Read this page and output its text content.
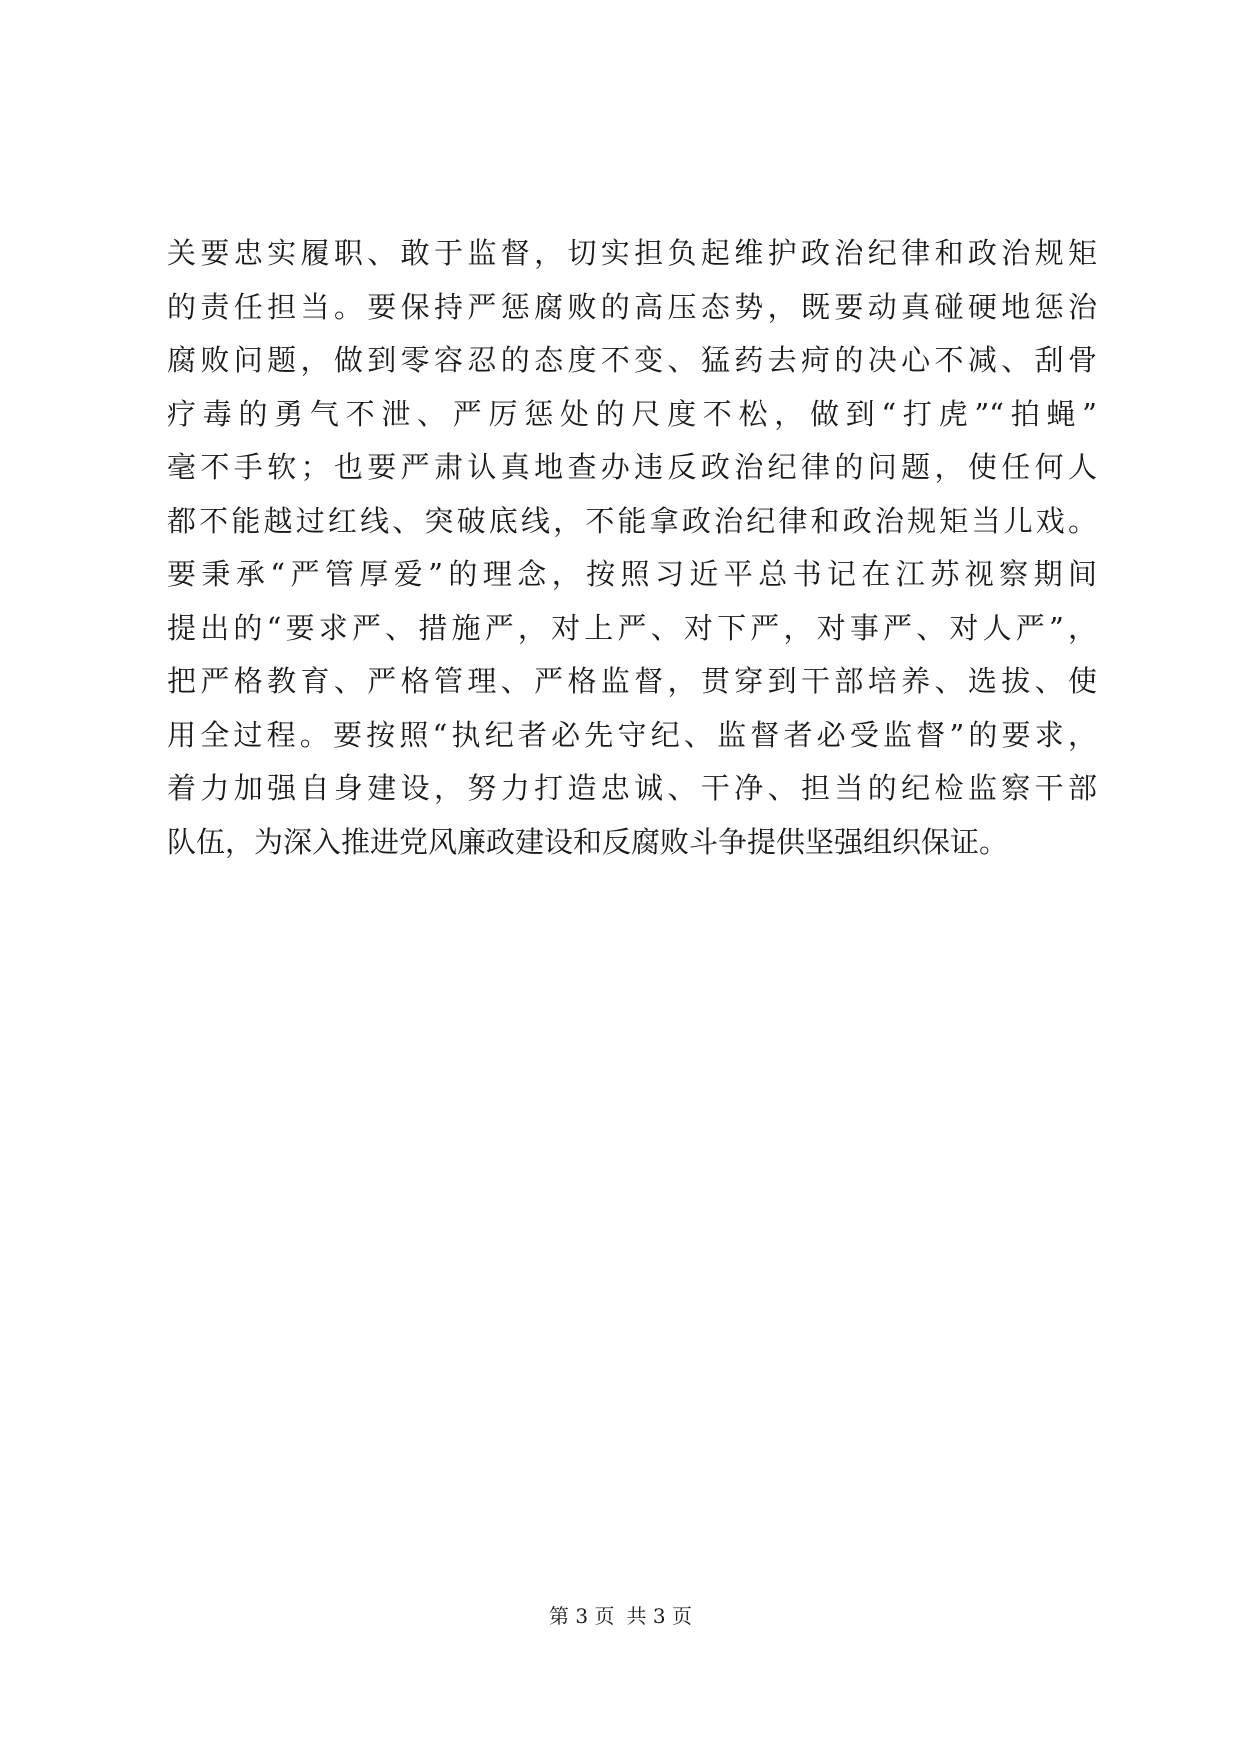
关要忠实履职、敢于监督，切实担负起维护政治纪律和政治规矩
的责任担当。要保持严惩腐败的高压态势，既要动真碰硬地惩治
腐败问题，做到零容忍的态度不变、猛药去疴的决心不减、刮骨
疗毒的勇气不泄、严厉惩处的尺度不松，做到“打虎”“拍蝇”
毫不手软；也要严肃认真地查办违反政治纪律的问题，使任何人
都不能越过红线、突破底线，不能拿政治纪律和政治规矩当儿戏。
要秉承“严管厚爱”的理念，按照习近平总书记在江苏视察期间
提出的“要求严、措施严，对上严、对下严，对事严、对人严”，
把严格教育、严格管理、严格监督，贯穿到干部培养、选拔、使
用全过程。要按照“执纪者必先守纪、监督者必受监督”的要求，
着力加强自身建设，努力打造忠诚、干净、担当的纪检监察干部
队伍，为深入推进党风廉政建设和反腐败斗争提供坚强组织保证。
第 3 页 共 3 页
